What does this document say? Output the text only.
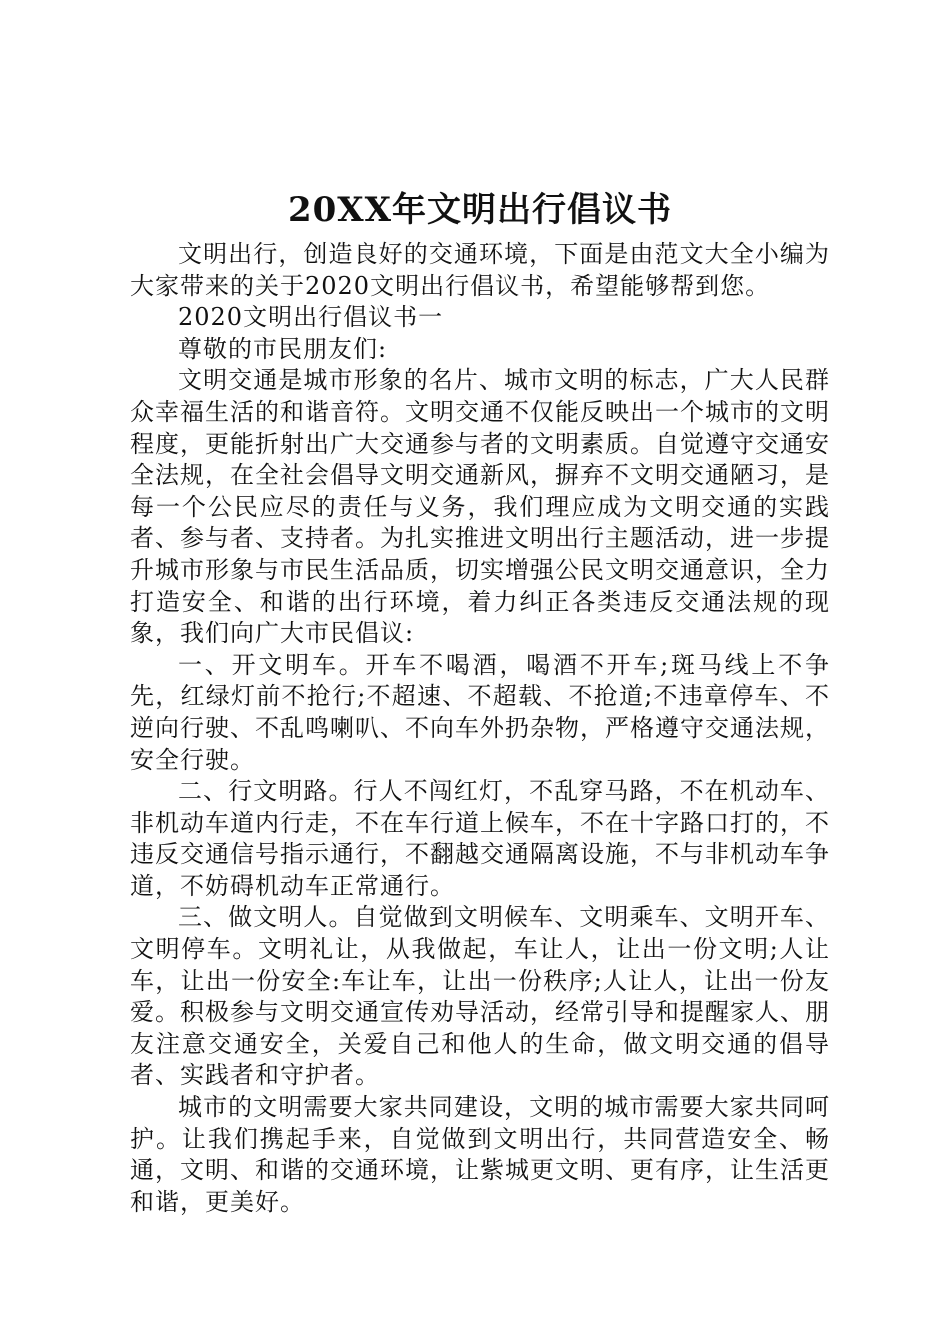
20XX年文明出行倡议书

文明出行，创造良好的交通环境，下面是由范文大全小编为大家带来的关于2020文明出行倡议书，希望能够帮到您。

2020文明出行倡议书一

尊敬的市民朋友们:

文明交通是城市形象的名片、城市文明的标志，广大人民群众幸福生活的和谐音符。文明交通不仅能反映出一个城市的文明程度，更能折射出广大交通参与者的文明素质。自觉遵守交通安全法规，在全社会倡导文明交通新风，摒弃不文明交通陋习，是每一个公民应尽的责任与义务，我们理应成为文明交通的实践者、参与者、支持者。为扎实推进文明出行主题活动，进一步提升城市形象与市民生活品质，切实增强公民文明交通意识，全力打造安全、和谐的出行环境，着力纠正各类违反交通法规的现象，我们向广大市民倡议:

一、开文明车。开车不喝酒，喝酒不开车;斑马线上不争先，红绿灯前不抢行;不超速、不超载、不抢道;不违章停车、不逆向行驶、不乱鸣喇叭、不向车外扔杂物，严格遵守交通法规，安全行驶。

二、行文明路。行人不闯红灯，不乱穿马路，不在机动车、非机动车道内行走，不在车行道上候车，不在十字路口打的，不违反交通信号指示通行，不翻越交通隔离设施，不与非机动车争道，不妨碍机动车正常通行。

三、做文明人。自觉做到文明候车、文明乘车、文明开车、文明停车。文明礼让，从我做起，车让人，让出一份文明;人让车，让出一份安全:车让车，让出一份秩序;人让人，让出一份友爱。积极参与文明交通宣传劝导活动，经常引导和提醒家人、朋友注意交通安全，关爱自己和他人的生命，做文明交通的倡导者、实践者和守护者。

城市的文明需要大家共同建设，文明的城市需要大家共同呵护。让我们携起手来，自觉做到文明出行，共同营造安全、畅通，文明、和谐的交通环境，让紫城更文明、更有序，让生活更和谐，更美好。
